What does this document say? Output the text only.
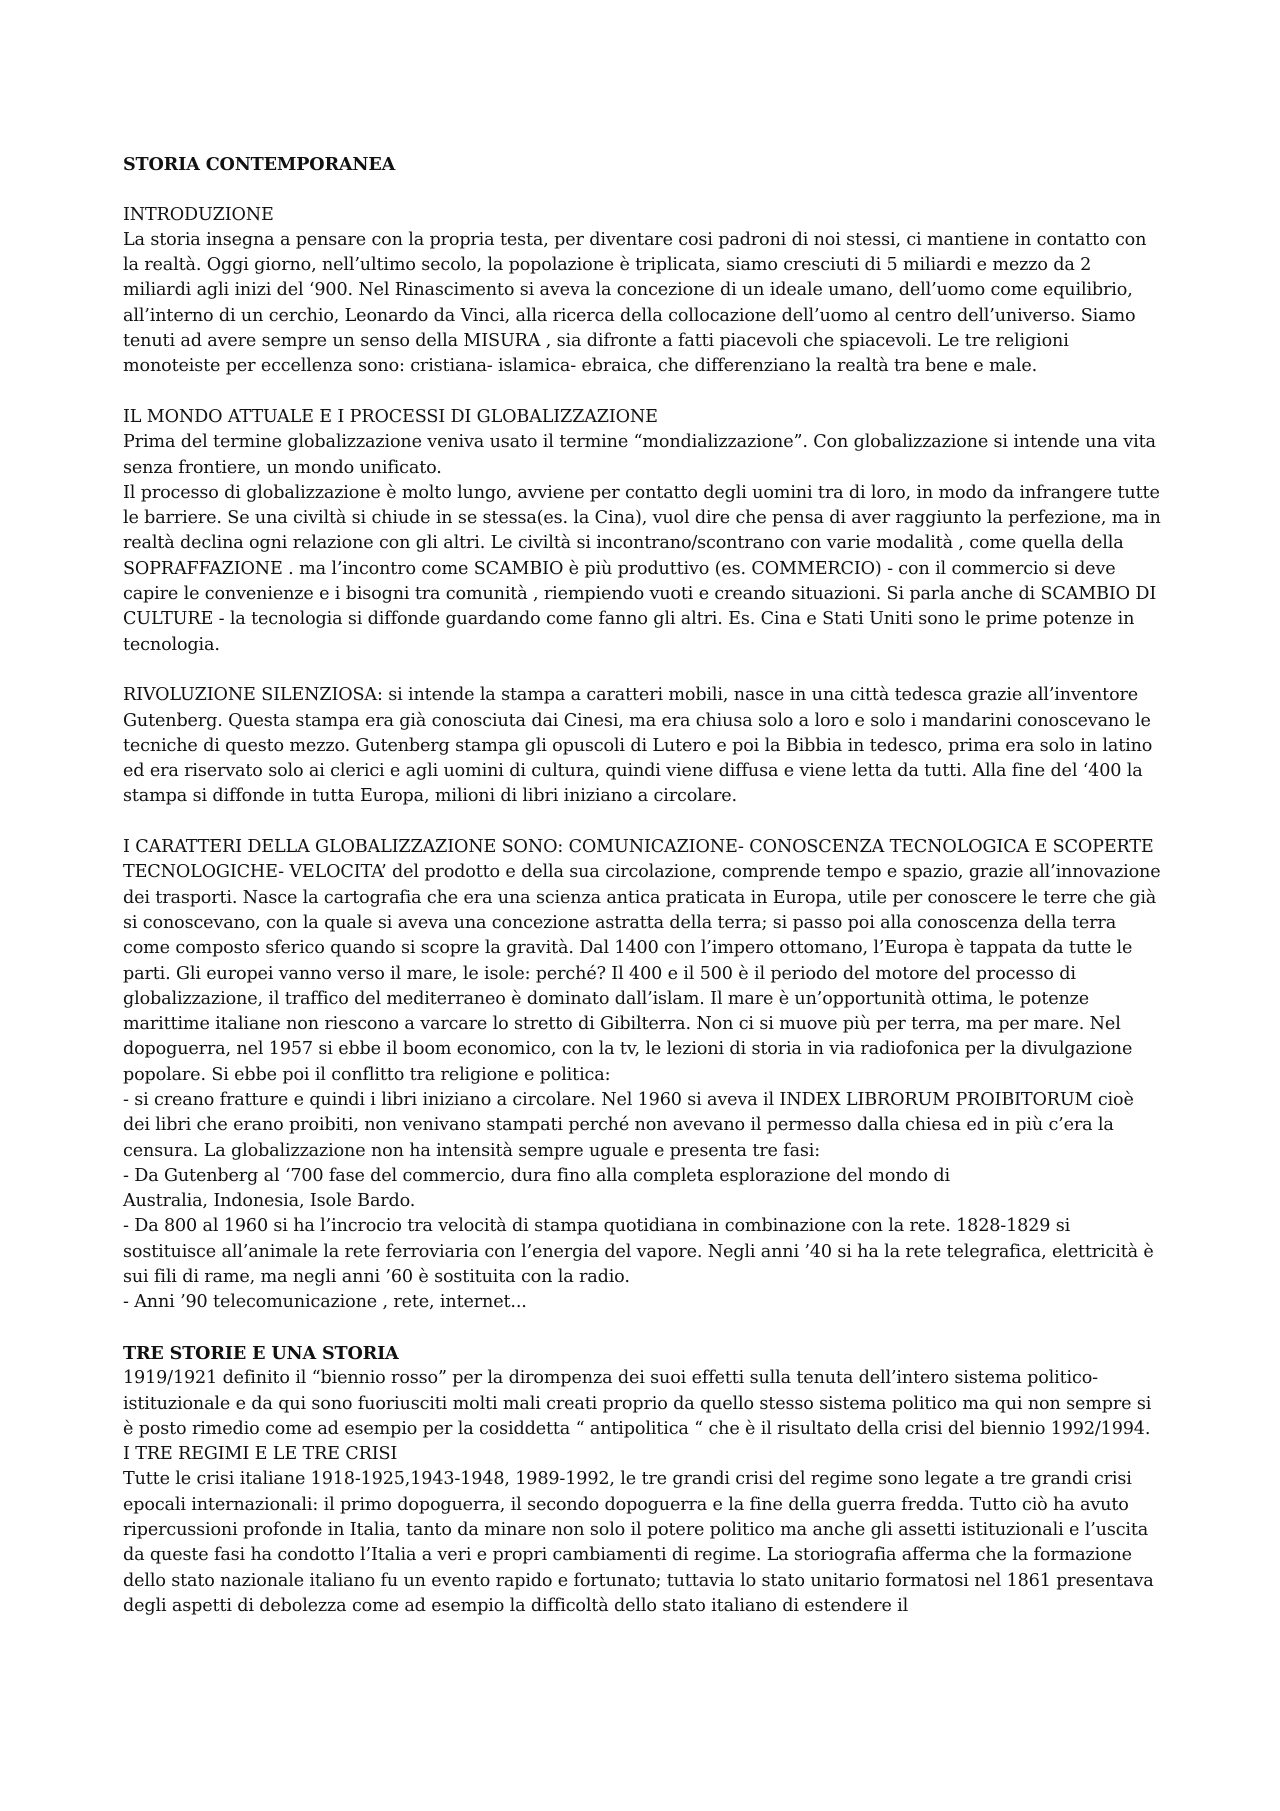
STORIA CONTEMPORANEA
INTRODUZIONE

La storia insegna a pensare con la propria testa, per diventare cosi padroni di noi stessi, ci mantiene in contatto con la realtà. Oggi giorno, nell’ultimo secolo, la popolazione è triplicata, siamo cresciuti di 5 miliardi e mezzo da 2 miliardi agli inizi del ‘900. Nel Rinascimento si aveva la concezione di un ideale umano, dell’uomo come equilibrio, all’interno di un cerchio, Leonardo da Vinci, alla ricerca della collocazione dell’uomo al centro dell’universo. Siamo tenuti ad avere sempre un senso della MISURA , sia difronte a fatti piacevoli che spiacevoli. Le tre religioni monoteiste per eccellenza sono: cristiana- islamica- ebraica, che differenziano la realtà tra bene e male.

IL MONDO ATTUALE E I PROCESSI DI GLOBALIZZAZIONE

Prima del termine globalizzazione veniva usato il termine “mondializzazione”. Con globalizzazione si intende una vita senza frontiere, un mondo unificato.

Il processo di globalizzazione è molto lungo, avviene per contatto degli uomini tra di loro, in modo da infrangere tutte le barriere. Se una civiltà si chiude in se stessa(es. la Cina), vuol dire che pensa di aver raggiunto la perfezione, ma in realtà declina ogni relazione con gli altri. Le civiltà si incontrano/scontrano con varie modalità , come quella della SOPRAFFAZIONE . ma l’incontro come SCAMBIO è più produttivo (es. COMMERCIO) - con il commercio si deve capire le convenienze e i bisogni tra comunità , riempiendo vuoti e creando situazioni. Si parla anche di SCAMBIO DI CULTURE - la tecnologia si diffonde guardando come fanno gli altri. Es. Cina e Stati Uniti sono le prime potenze in tecnologia.

RIVOLUZIONE SILENZIOSA: si intende la stampa a caratteri mobili, nasce in una città tedesca grazie all’inventore Gutenberg. Questa stampa era già conosciuta dai Cinesi, ma era chiusa solo a loro e solo i mandarini conoscevano le tecniche di questo mezzo. Gutenberg stampa gli opuscoli di Lutero e poi la Bibbia in tedesco, prima era solo in latino ed era riservato solo ai clerici e agli uomini di cultura, quindi viene diffusa e viene letta da tutti. Alla fine del ‘400 la stampa si diffonde in tutta Europa, milioni di libri iniziano a circolare.

I CARATTERI DELLA GLOBALIZZAZIONE SONO: COMUNICAZIONE- CONOSCENZA TECNOLOGICA E SCOPERTE TECNOLOGICHE- VELOCITA’ del prodotto e della sua circolazione, comprende tempo e spazio, grazie all’innovazione dei trasporti. Nasce la cartografia che era una scienza antica praticata in Europa, utile per conoscere le terre che già si conoscevano, con la quale si aveva una concezione astratta della terra; si passo poi alla conoscenza della terra come composto sferico quando si scopre la gravità. Dal 1400 con l’impero ottomano, l’Europa è tappata da tutte le parti. Gli europei vanno verso il mare, le isole: perché? Il 400 e il 500 è il periodo del motore del processo di globalizzazione, il traffico del mediterraneo è dominato dall’islam. Il mare è un’opportunità ottima, le potenze marittime italiane non riescono a varcare lo stretto di Gibilterra. Non ci si muove più per terra, ma per mare. Nel dopoguerra, nel 1957 si ebbe il boom economico, con la tv, le lezioni di storia in via radiofonica per la divulgazione popolare. Si ebbe poi il conflitto tra religione e politica:

- si creano fratture e quindi i libri iniziano a circolare. Nel 1960 si aveva il INDEX LIBRORUM PROIBITORUM cioè dei libri che erano proibiti, non venivano stampati perché non avevano il permesso dalla chiesa ed in più c’era la censura. La globalizzazione non ha intensità sempre uguale e presenta tre fasi:

- Da Gutenberg al ‘700 fase del commercio, dura fino alla completa esplorazione del mondo di

Australia, Indonesia, Isole Bardo.

- Da 800 al 1960 si ha l’incrocio tra velocità di stampa quotidiana in combinazione con la rete. 1828-1829 si sostituisce all’animale la rete ferroviaria con l’energia del vapore. Negli anni ’40 si ha la rete telegrafica, elettricità è sui fili di rame, ma negli anni ’60 è sostituita con la radio.

- Anni ’90 telecomunicazione , rete, internet...

TRE STORIE E UNA STORIA

1919/1921 definito il “biennio rosso” per la dirompenza dei suoi effetti sulla tenuta dell’intero sistema politico-istituzionale e da qui sono fuoriusciti molti mali creati proprio da quello stesso sistema politico ma qui non sempre si è posto rimedio come ad esempio per la cosiddetta “ antipolitica “ che è il risultato della crisi del biennio 1992/1994.

I TRE REGIMI E LE TRE CRISI

Tutte le crisi italiane 1918-1925,1943-1948, 1989-1992, le tre grandi crisi del regime sono legate a tre grandi crisi epocali internazionali: il primo dopoguerra, il secondo dopoguerra e la fine della guerra fredda. Tutto ciò ha avuto ripercussioni profonde in Italia, tanto da minare non solo il potere politico ma anche gli assetti istituzionali e l’uscita da queste fasi ha condotto l’Italia a veri e propri cambiamenti di regime. La storiografia afferma che la formazione dello stato nazionale italiano fu un evento rapido e fortunato; tuttavia lo stato unitario formatosi nel 1861 presentava degli aspetti di debolezza come ad esempio la difficoltà dello stato italiano di estendere il
